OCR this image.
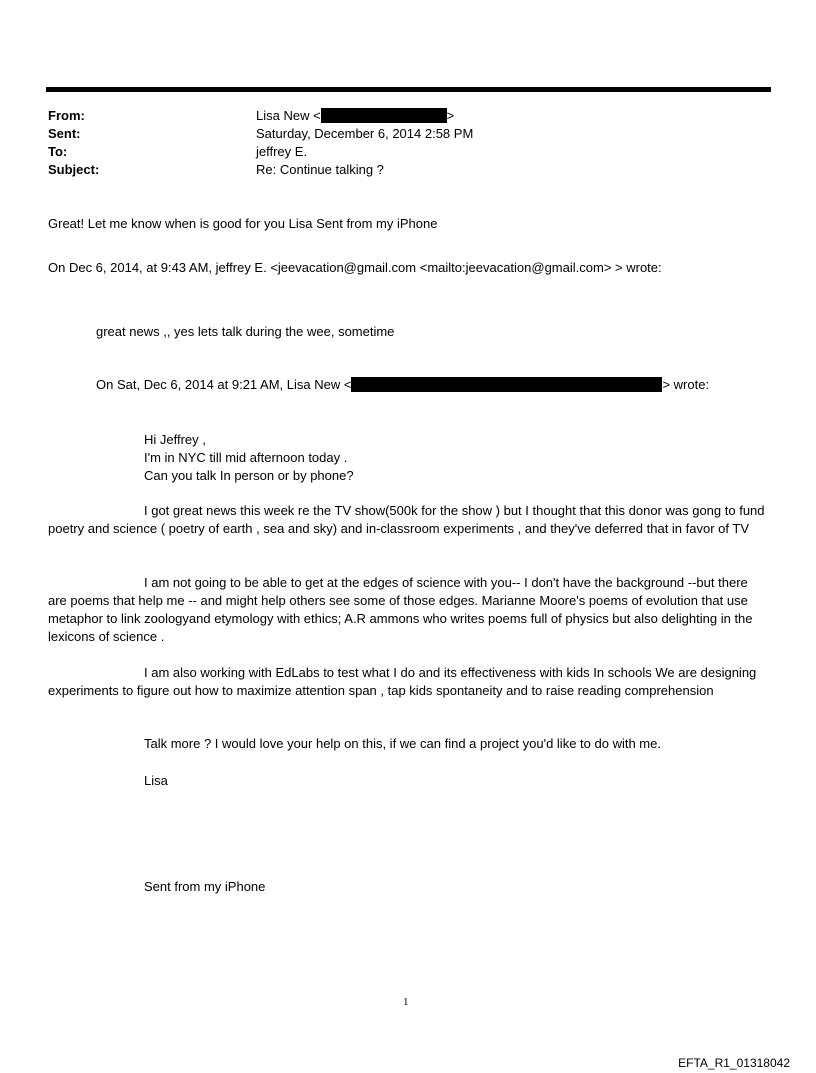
From:	Lisa New <	>
Sent:	Saturday, December 6, 2014 2:58 PM
To:	jeffrey E.
Subject:	Re: Continue talking ?
Great! Let me know when is good for you Lisa Sent from my iPhone
On Dec 6, 2014, at 9:43 AM, jeffrey E. <jeevacation@gmail.com <mailto:jeevacation@gmail.com> > wrote:
great news ,, yes lets talk during the wee, sometime
On Sat, Dec 6, 2014 at 9:21 AM, Lisa New <	> wrote:
Hi Jeffrey ,
I'm in NYC till mid afternoon today .
Can you talk In person or by phone?
I got great news this week re the TV show(500k for the show ) but I thought that this donor was gong to fund poetry and science ( poetry of earth , sea and sky) and in-classroom experiments , and they've deferred that in favor of TV
I am not going to be able to get at the edges of science with you-- I don't have the background --but there are poems that help me -- and might help others see some of those edges. Marianne Moore's poems of evolution that use metaphor to link zoologyand etymology with ethics; A.R ammons who writes poems full of physics but also delighting in the lexicons of science .
I am also working with EdLabs to test what I do and its effectiveness with kids In schools We are designing experiments to figure out how to maximize attention span , tap kids spontaneity and to raise reading comprehension
Talk more ? I would love your help on this, if we can find a project you'd like to do with me.
Lisa
Sent from my iPhone
1
EFTA_R1_01318042
